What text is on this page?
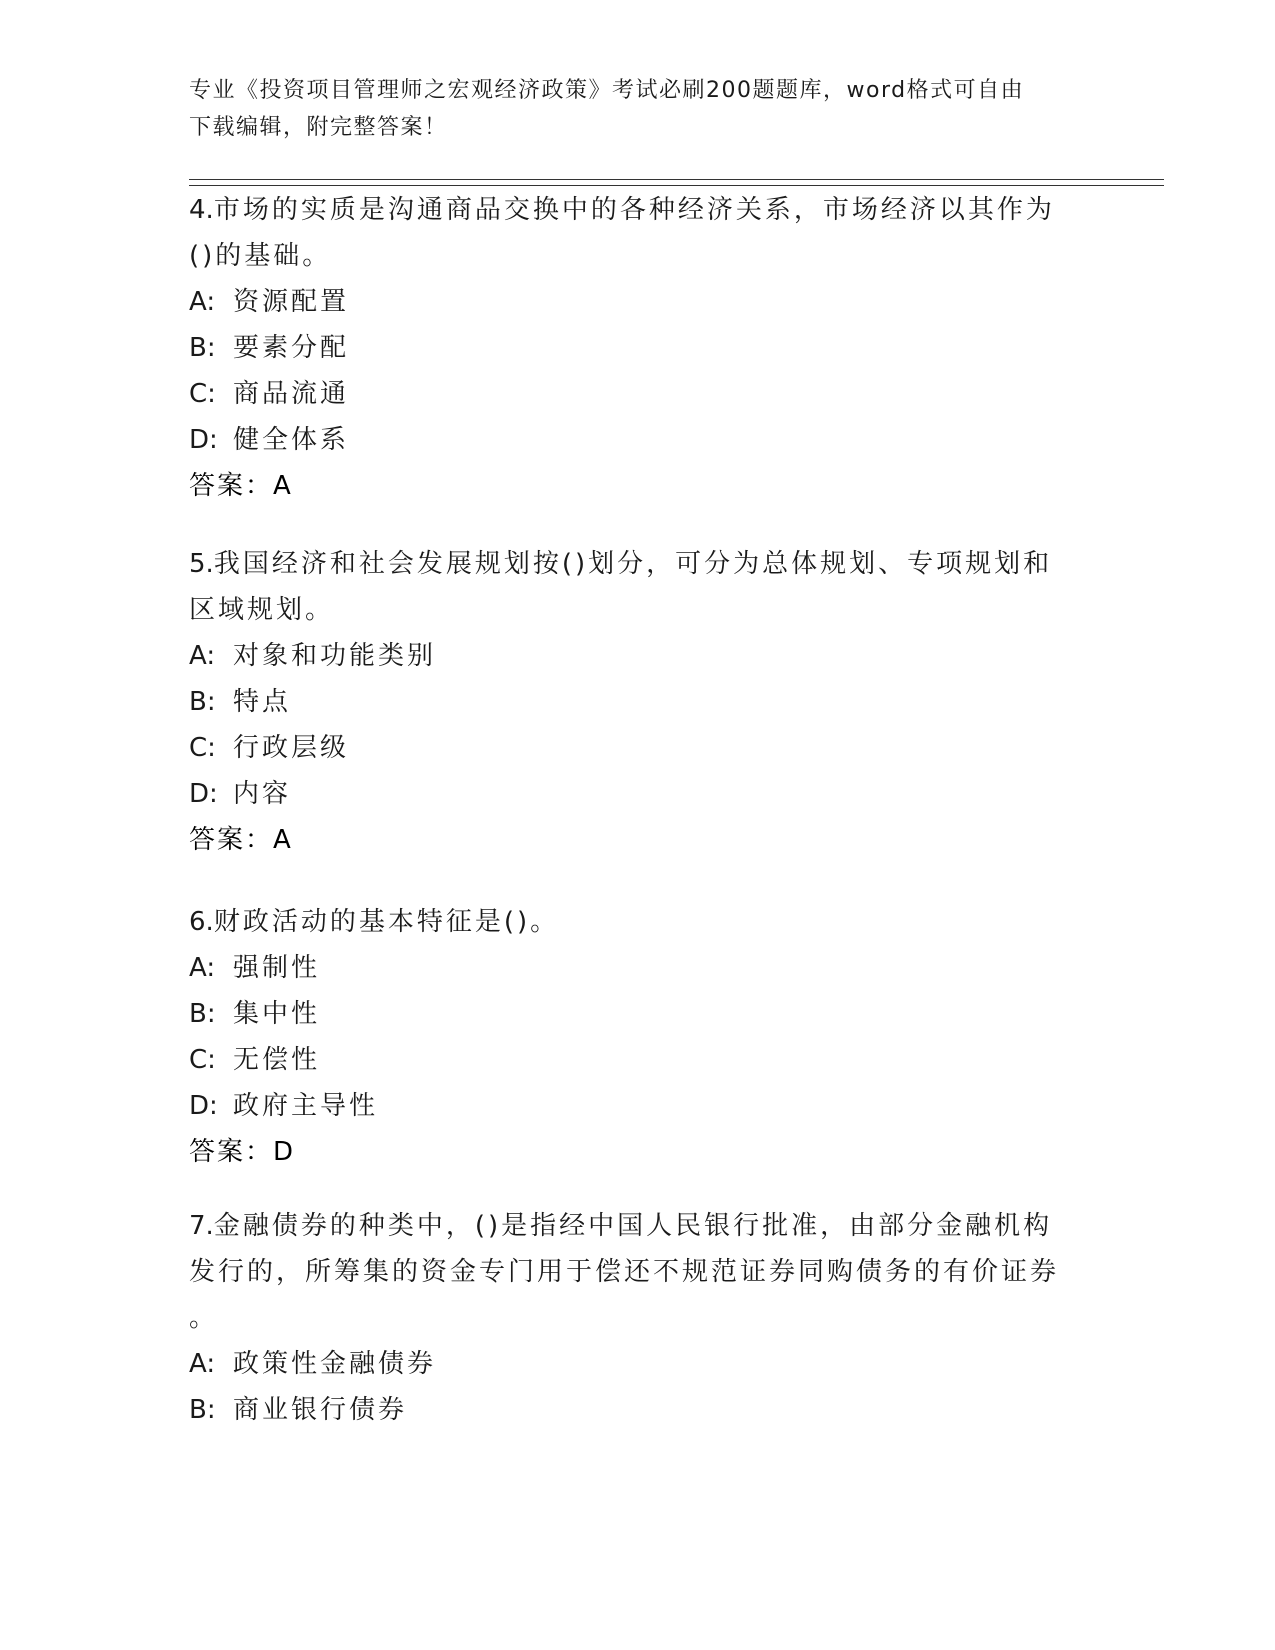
专业《投资项目管理师之宏观经济政策》考试必刷200题题库，word格式可自由
下载编辑，附完整答案！

4.市场的实质是沟通商品交换中的各种经济关系，市场经济以其作为
()的基础。

A: 资源配置

B: 要素分配

C: 商品流通

D: 健全体系

答案：A

5.我国经济和社会发展规划按()划分，可分为总体规划、专项规划和
区域规划。

A: 对象和功能类别

B: 特点

C: 行政层级

D: 内容

答案：A

6.财政活动的基本特征是()。

A: 强制性

B: 集中性

C: 无偿性

D: 政府主导性

答案：D

7.金融债券的种类中，()是指经中国人民银行批准，由部分金融机构
发行的，所筹集的资金专门用于偿还不规范证券同购债务的有价证券
。

A: 政策性金融债券

B: 商业银行债券
